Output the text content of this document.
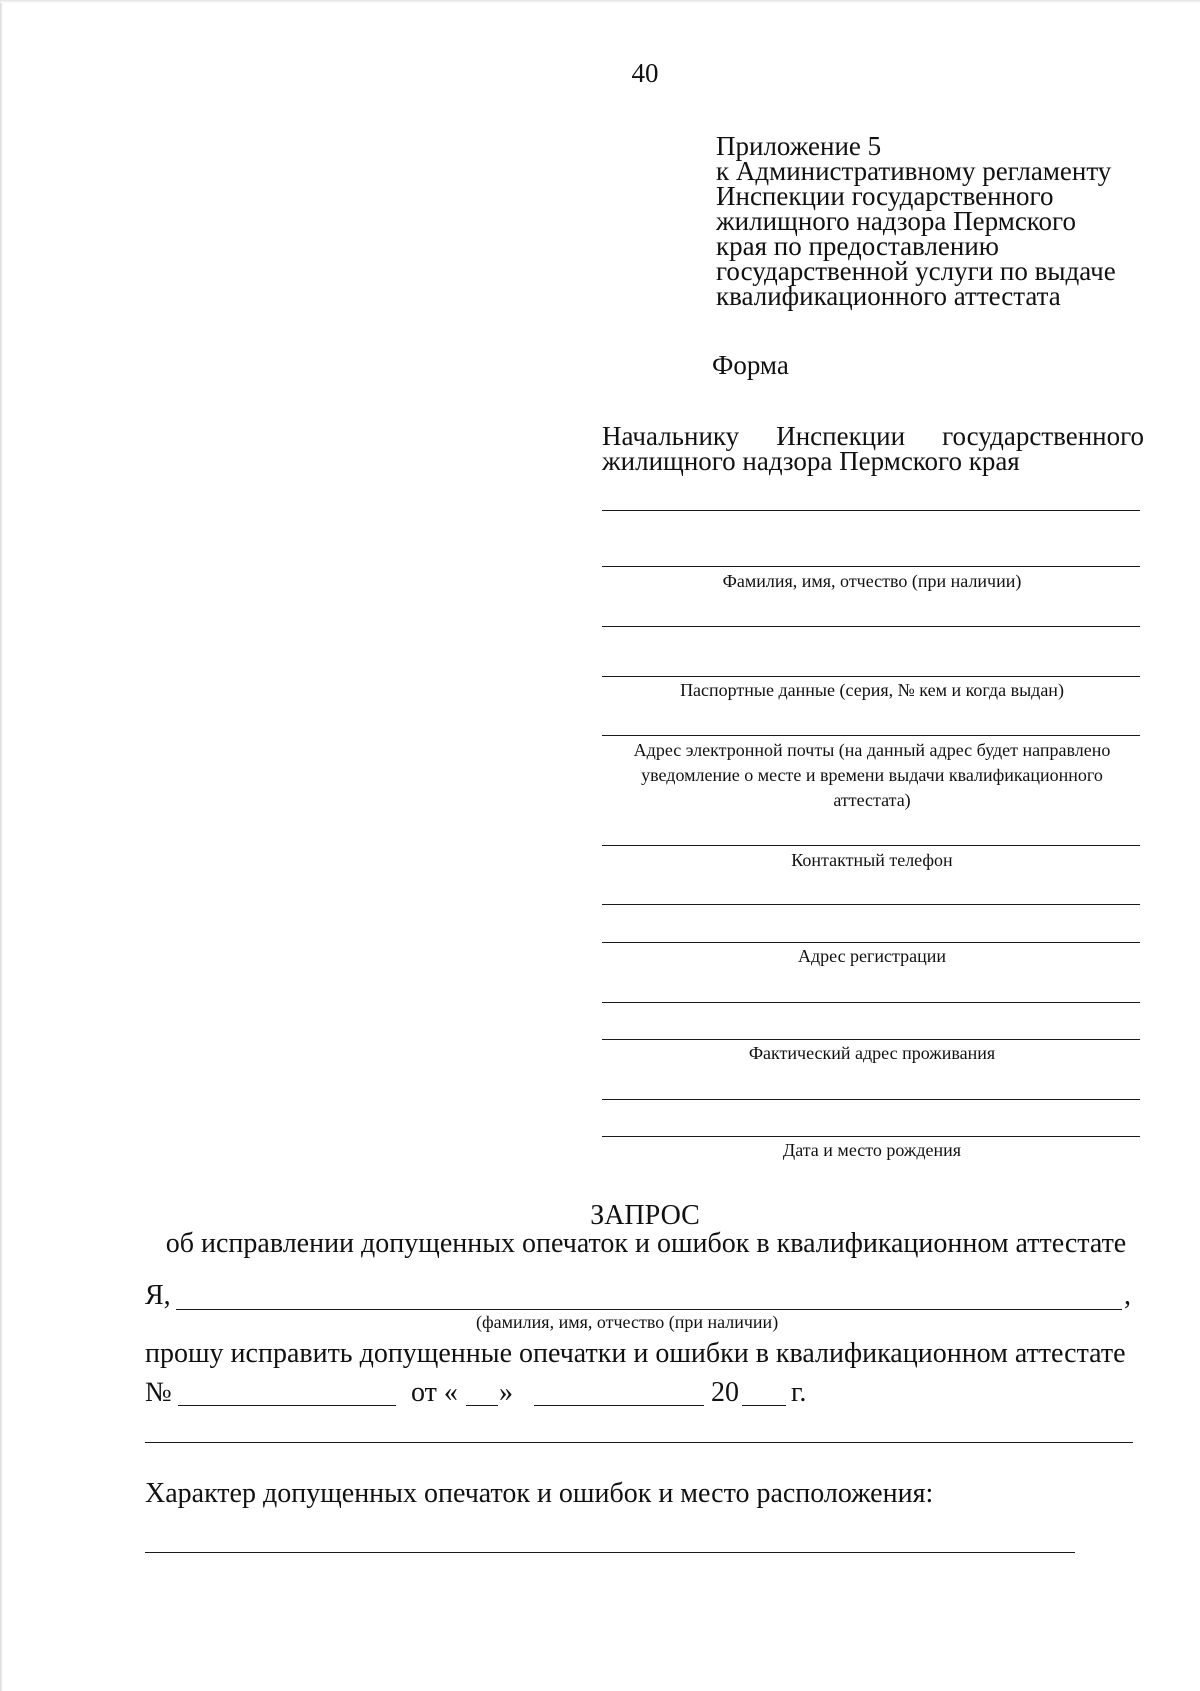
40
Приложение 5
к Административному регламенту
Инспекции государственного
жилищного надзора Пермского
края по предоставлению
государственной услуги по выдаче
квалификационного аттестата
Форма
Начальнику Инспекции государственного
жилищного надзора Пермского края
Фамилия, имя, отчество (при наличии)
Паспортные данные (серия, № кем и когда выдан)
Адрес электронной почты (на данный адрес будет направлено
уведомление о месте и времени выдачи квалификационного
аттестата)
Контактный телефон
Адрес регистрации
Фактический адрес проживания
Дата и место рождения
ЗАПРОС
об исправлении допущенных опечаток и ошибок в квалификационном аттестате
Я,	,
(фамилия, имя, отчество (при наличии)
прошу исправить допущенные опечатки и ошибки в квалификационном аттестате
№	от « »	20 г.
Характер допущенных опечаток и ошибок и место расположения:
